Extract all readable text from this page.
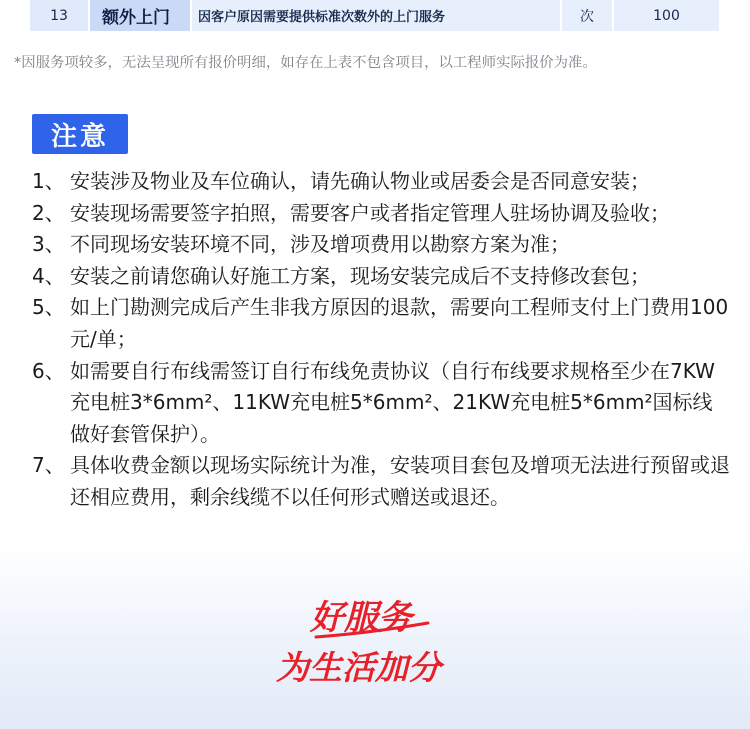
13	额外上门	因客户原因需要提供标准次数外的上门服务	次	100
*因服务项较多，无法呈现所有报价明细，如存在上表不包含项目，以工程师实际报价为准。
注意
1、 安装涉及物业及车位确认，请先确认物业或居委会是否同意安装；
2、 安装现场需要签字拍照，需要客户或者指定管理人驻场协调及验收；
3、 不同现场安装环境不同，涉及增项费用以勘察方案为准；
4、 安装之前请您确认好施工方案，现场安装完成后不支持修改套包；
5、 如上门勘测完成后产生非我方原因的退款，需要向工程师支付上门费用100元/单；
6、 如需要自行布线需签订自行布线免责协议（自行布线要求规格至少在7KW充电桩3*6mm²、11KW充电桩5*6mm²、21KW充电桩5*6mm²国标线做好套管保护）。
7、 具体收费金额以现场实际统计为准，安装项目套包及增项无法进行预留或退还相应费用，剩余线缆不以任何形式赠送或退还。
好服务
为生活加分
